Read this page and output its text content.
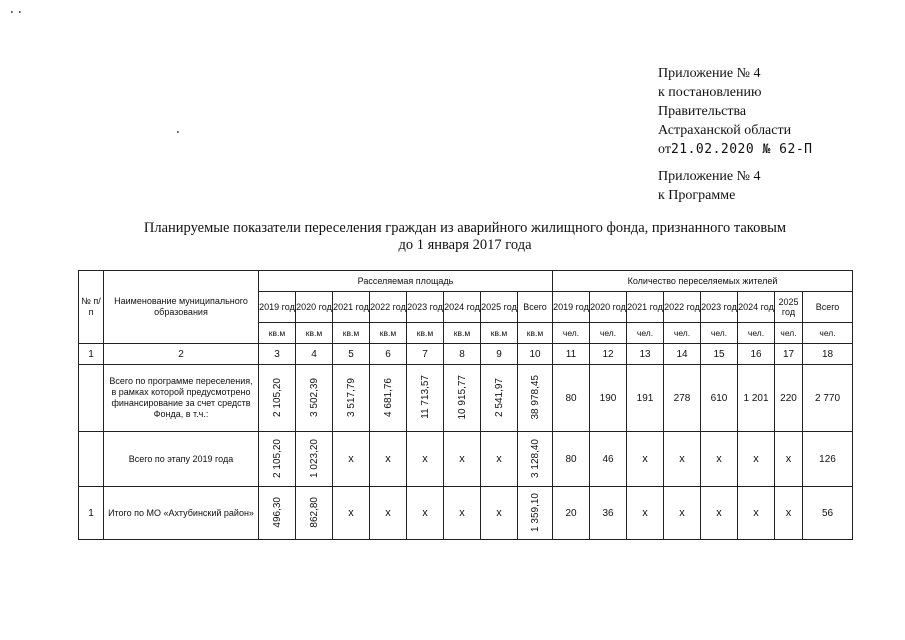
..
.
Приложение № 4
к постановлению
Правительства
Астраханской области
от21.02.2020 № 62-П
Приложение № 4
к Программе
Планируемые показатели переселения граждан из аварийного жилищного фонда, признанного таковым
до 1 января 2017 года
№ п/п	Наименование муниципального образования	Расселяемая площадь								Количество переселяемых жителей							
		2019 год	2020 год	2021 год	2022 год	2023 год	2024 год	2025 год	Всего	2019 год	2020 год	2021 год	2022 год	2023 год	2024 год	2025 год	Всего
		кв.м	кв.м	кв.м	кв.м	кв.м	кв.м	кв.м	кв.м	чел.	чел.	чел.	чел.	чел.	чел.	чел.	чел.
1	2	3	4	5	6	7	8	9	10	11	12	13	14	15	16	17	18
	Всего по программе переселения, в рамках которой предусмотрено финансирование за счет средств Фонда, в т.ч.:	2 105,20	3 502,39	3 517,79	4 681,76	11 713,57	10 915,77	2 541,97	38 978,45	80	190	191	278	610	1 201	220	2 770
	Всего по этапу 2019 года	2 105,20	1 023,20	x	x	x	x	x	3 128,40	80	46	x	x	x	x	x	126
1	Итого по МО «Ахтубинский район»	496,30	862,80	x	x	x	x	x	1 359,10	20	36	x	x	x	x	x	56
